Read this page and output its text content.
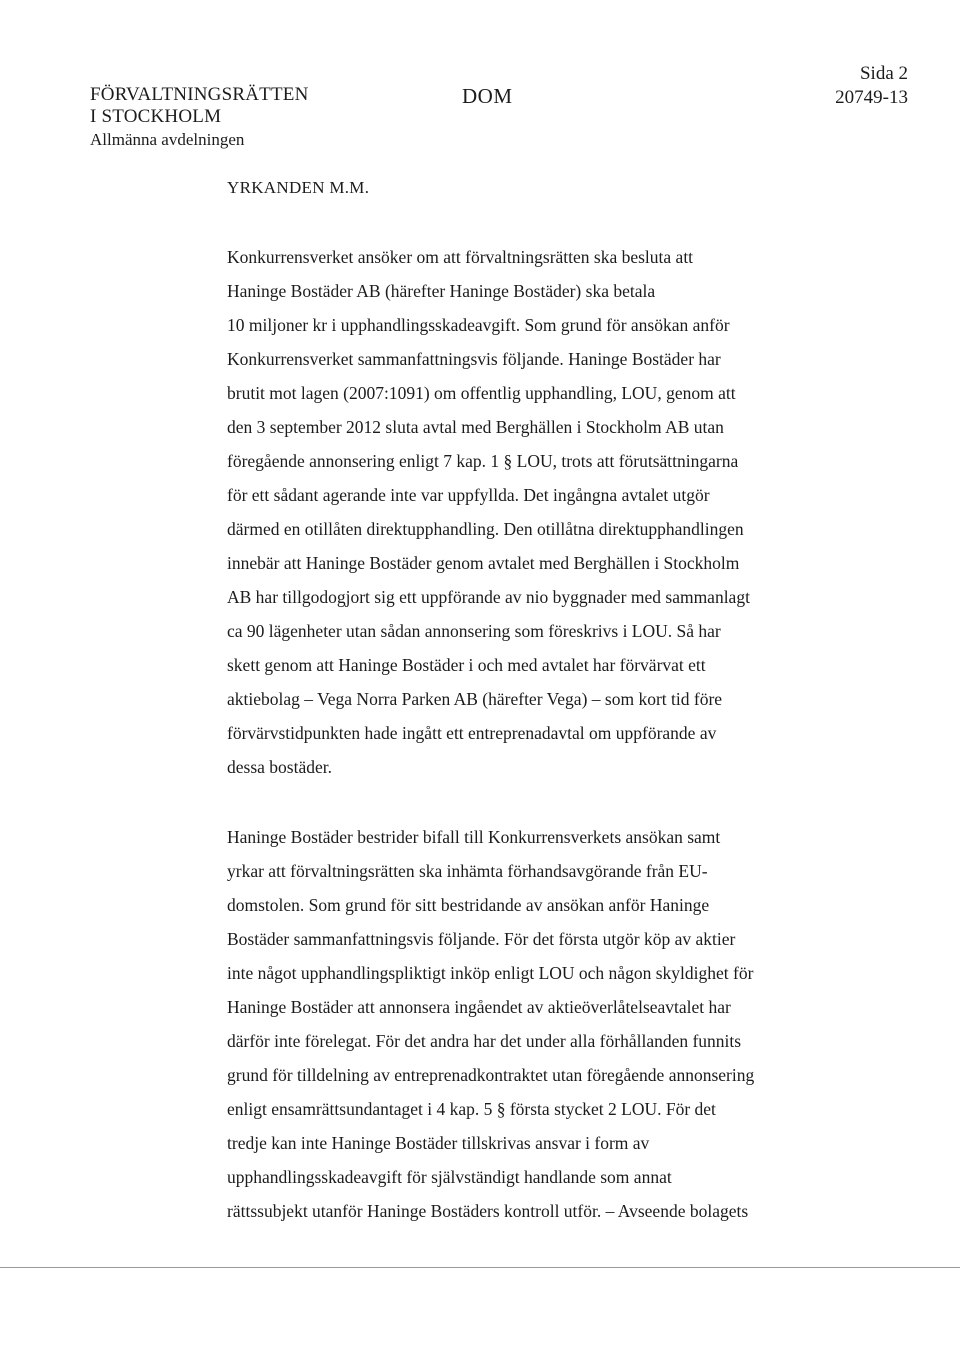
FÖRVALTNINGSRÄTTEN
I STOCKHOLM
Allmänna avdelningen
DOM
Sida 2
20749-13
YRKANDEN M.M.
Konkurrensverket ansöker om att förvaltningsrätten ska besluta att
Haninge Bostäder AB (härefter Haninge Bostäder) ska betala
10 miljoner kr i upphandlingsskadeavgift. Som grund för ansökan anför
Konkurrensverket sammanfattningsvis följande. Haninge Bostäder har
brutit mot lagen (2007:1091) om offentlig upphandling, LOU, genom att
den 3 september 2012 sluta avtal med Berghällen i Stockholm AB utan
föregående annonsering enligt 7 kap. 1 § LOU, trots att förutsättningarna
för ett sådant agerande inte var uppfyllda. Det ingångna avtalet utgör
därmed en otillåten direktupphandling. Den otillåtna direktupphandlingen
innebär att Haninge Bostäder genom avtalet med Berghällen i Stockholm
AB har tillgodogjort sig ett uppförande av nio byggnader med sammanlagt
ca 90 lägenheter utan sådan annonsering som föreskrivs i LOU. Så har
skett genom att Haninge Bostäder i och med avtalet har förvärvat ett
aktiebolag – Vega Norra Parken AB (härefter Vega) – som kort tid före
förvärvstidpunkten hade ingått ett entreprenadavtal om uppförande av
dessa bostäder.
Haninge Bostäder bestrider bifall till Konkurrensverkets ansökan samt
yrkar att förvaltningsrätten ska inhämta förhandsavgörande från EU-
domstolen. Som grund för sitt bestridande av ansökan anför Haninge
Bostäder sammanfattningsvis följande. För det första utgör köp av aktier
inte något upphandlingspliktigt inköp enligt LOU och någon skyldighet för
Haninge Bostäder att annonsera ingåendet av aktieöverlåtelseavtalet har
därför inte förelegat. För det andra har det under alla förhållanden funnits
grund för tilldelning av entreprenadkontraktet utan föregående annonsering
enligt ensamrättsundantaget i 4 kap. 5 § första stycket 2 LOU. För det
tredje kan inte Haninge Bostäder tillskrivas ansvar i form av
upphandlingsskadeavgift för självständigt handlande som annat
rättssubjekt utanför Haninge Bostäders kontroll utför. – Avseende bolagets
